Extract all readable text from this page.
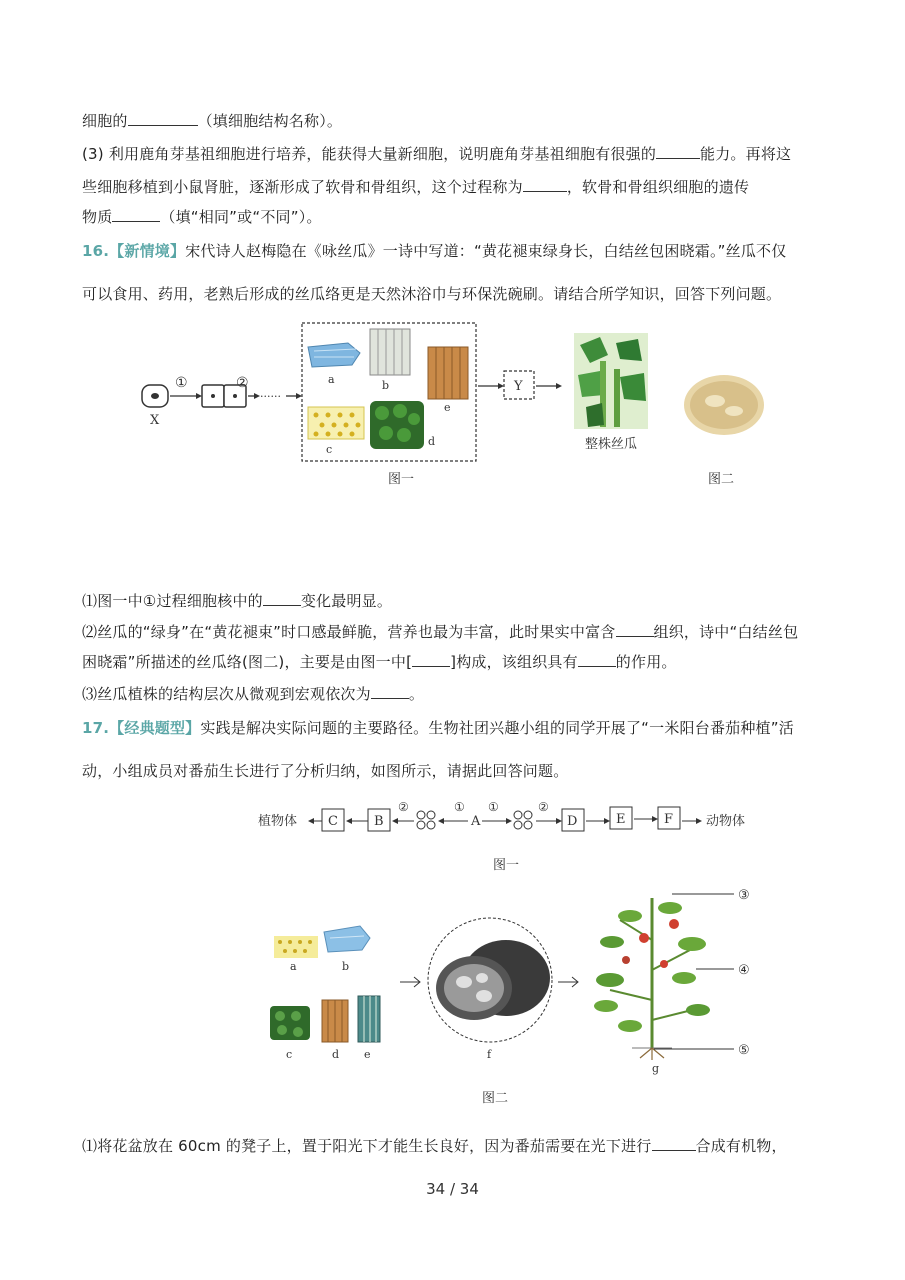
细胞的	（填细胞结构名称）。
(3) 利用鹿角芽基祖细胞进行培养，能获得大量新细胞，说明鹿角芽基祖细胞有很强的	能力。再将这
些细胞移植到小鼠肾脏，逐渐形成了软骨和骨组织，这个过程称为	，软骨和骨组织细胞的遗传
物质	（填“相同”或“不同”）。
16.【新情境】宋代诗人赵梅隐在《咏丝瓜》一诗中写道：“黄花褪束绿身长，白结丝包困晓霜。”丝瓜不仅
可以食用、药用，老熟后形成的丝瓜络更是天然沐浴巾与环保洗碗刷。请结合所学知识，回答下列问题。
X
①	②
······
a	b
e
c
d
Y
整株丝瓜
图一	图二
⑴图一中①过程细胞核中的	变化最明显。
⑵丝瓜的“绿身”在“黄花褪束”时口感最鲜脆，营养也最为丰富，此时果实中富含	组织，诗中“白结丝包
困晓霜”所描述的丝瓜络(图二)，主要是由图一中[	]构成，该组织具有	的作用。
⑶丝瓜植株的结构层次从微观到宏观依次为	。
17.【经典题型】实践是解决实际问题的主要路径。生物社团兴趣小组的同学开展了“一米阳台番茄种植”活
动，小组成员对番茄生长进行了分析归纳，如图所示，请据此回答问题。
植物体 C	B
②	①
A
①	②
D	E	F	动物体
图一
a	b
c	d e	f
③
④
⑤
g
图二
⑴将花盆放在 60cm 的凳子上，置于阳光下才能生长良好，因为番茄需要在光下进行	合成有机物，
34 / 34
